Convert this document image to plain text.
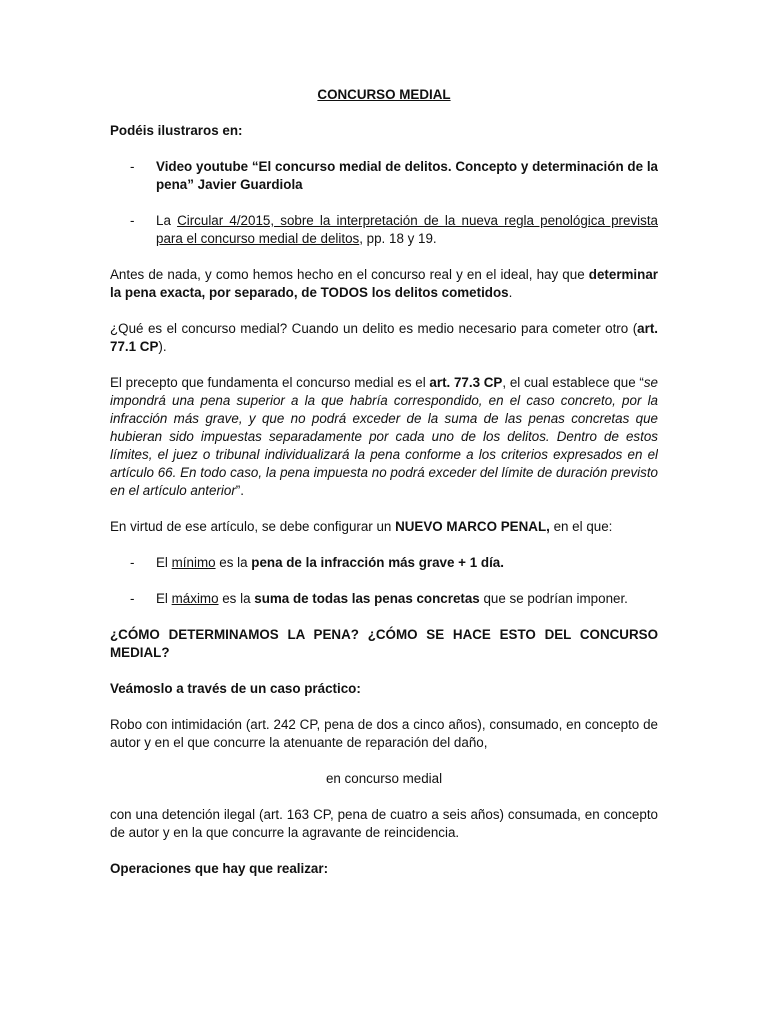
CONCURSO MEDIAL

Podéis ilustraros en:

- Video youtube “El concurso medial de delitos. Concepto y determinación de la pena” Javier Guardiola
- La Circular 4/2015, sobre la interpretación de la nueva regla penológica prevista para el concurso medial de delitos, pp. 18 y 19.

Antes de nada, y como hemos hecho en el concurso real y en el ideal, hay que determinar la pena exacta, por separado, de TODOS los delitos cometidos.

¿Qué es el concurso medial? Cuando un delito es medio necesario para cometer otro (art. 77.1 CP).

El precepto que fundamenta el concurso medial es el art. 77.3 CP, el cual establece que “se impondrá una pena superior a la que habría correspondido, en el caso concreto, por la infracción más grave, y que no podrá exceder de la suma de las penas concretas que hubieran sido impuestas separadamente por cada uno de los delitos. Dentro de estos límites, el juez o tribunal individualizará la pena conforme a los criterios expresados en el artículo 66. En todo caso, la pena impuesta no podrá exceder del límite de duración previsto en el artículo anterior”.

En virtud de ese artículo, se debe configurar un NUEVO MARCO PENAL, en el que:

- El mínimo es la pena de la infracción más grave + 1 día.
- El máximo es la suma de todas las penas concretas que se podrían imponer.

¿CÓMO DETERMINAMOS LA PENA? ¿CÓMO SE HACE ESTO DEL CONCURSO MEDIAL?

Veámoslo a través de un caso práctico:

Robo con intimidación (art. 242 CP, pena de dos a cinco años), consumado, en concepto de autor y en el que concurre la atenuante de reparación del daño,

en concurso medial

con una detención ilegal (art. 163 CP, pena de cuatro a seis años) consumada, en concepto de autor y en la que concurre la agravante de reincidencia.

Operaciones que hay que realizar:
